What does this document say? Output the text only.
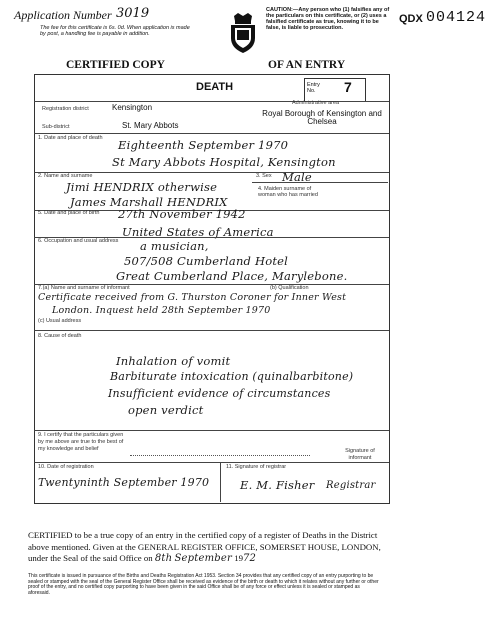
Application Number 3019
The fee for this certificate is 6s. 0d. When application is made by post, a handling fee is payable in addition.
CAUTION:—Any person who (1) falsifies any of the particulars on this certificate, or (2) uses a falsified certificate as true, knowing it to be false, is liable to prosecution.
QDX 004124
CERTIFIED COPY	OF AN ENTRY
DEATH	Entry No.	7
Registration district	Kensington	Administrative area
Royal Borough of Kensington and Chelsea
Sub-district	St. Mary Abbots
1. Date and place of death Eighteenth September 1970
St Mary Abbots Hospital, Kensington
2. Name and surname
Jimi HENDRIX otherwise
James Marshall HENDRIX
3. Sex Male
4. Maiden surname of woman who has married
5. Date and place of birth 27th November 1942
United States of America
6. Occupation and usual address a musician,
507/508 Cumberland Hotel
Great Cumberland Place, Marylebone.
7.(a) Name and surname of informant	(b) Qualification
Certificate received from G. Thurston Coroner for Inner West
London. Inquest held 28th September 1970
(c) Usual address
8. Cause of death
Inhalation of vomit
Barbiturate intoxication (quinalbarbitone)
Insufficient evidence of circumstances
open verdict
9. I certify that the particulars given by me above are true to the best of my knowledge and belief	Signature of informant
10. Date of registration
Twentyninth September 1970
11. Signature of registrar
E. M. Fisher Registrar
CERTIFIED to be a true copy of an entry in the certified copy of a register of Deaths in the District above mentioned. Given at the GENERAL REGISTER OFFICE, SOMERSET HOUSE, LONDON, under the Seal of the said Office on 8th September 1972
This certificate is issued in pursuance of the Births and Deaths Registration Act 1953. Section 34 provides that any certified copy of an entry purporting to be sealed or stamped with the seal of the General Register Office shall be received as evidence of the birth or death to which it relates without any further or other proof of the entry, and no certified copy purporting to have been given in the said Office shall be of any force or effect unless it is sealed or stamped as aforesaid.
